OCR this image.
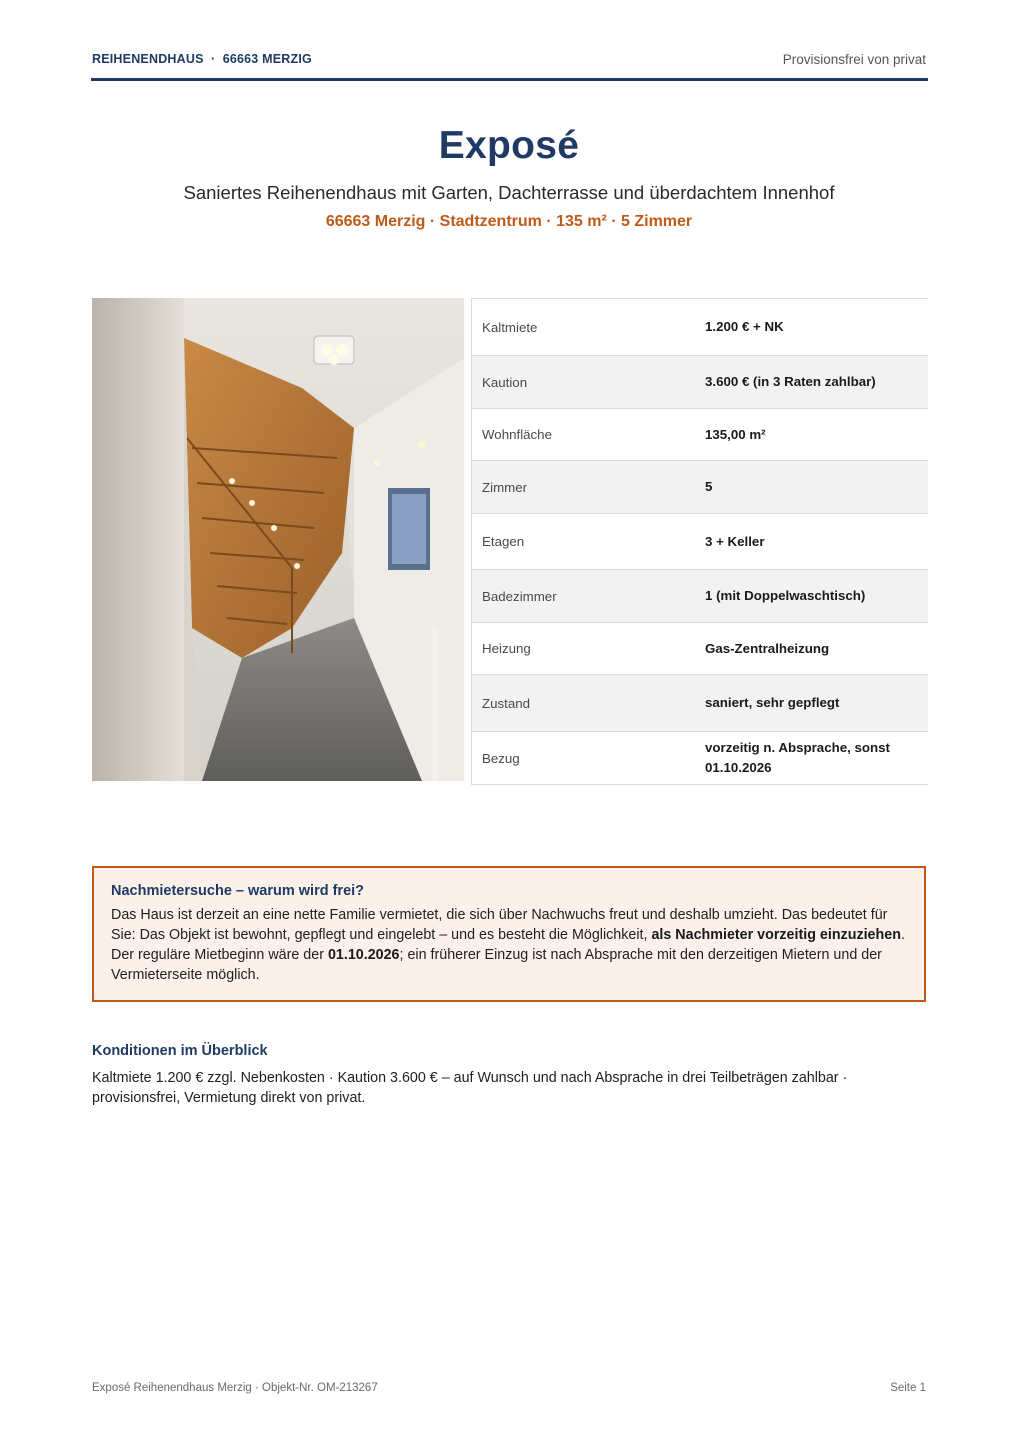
REIHENENDHAUS  ·  66663 MERZIG	Provisionsfrei von privat
Exposé
Saniertes Reihenendhaus mit Garten, Dachterrasse und überdachtem Innenhof
66663 Merzig · Stadtzentrum · 135 m² · 5 Zimmer
Kaltmiete	1.200 € + NK
Kaution	3.600 € (in 3 Raten zahlbar)
Wohnfläche	135,00 m²
Zimmer	5
Etagen	3 + Keller
Badezimmer	1 (mit Doppelwaschtisch)
Heizung	Gas-Zentralheizung
Zustand	saniert, sehr gepflegt
Bezug	vorzeitig n. Absprache, sonst 01.10.2026

Nachmietersuche – warum wird frei?

Das Haus ist derzeit an eine nette Familie vermietet, die sich über Nachwuchs freut und deshalb umzieht. Das bedeutet für Sie: Das Objekt ist bewohnt, gepflegt und eingelebt – und es besteht die Möglichkeit, als Nachmieter vorzeitig einzuziehen. Der reguläre Mietbeginn wäre der 01.10.2026; ein früherer Einzug ist nach Absprache mit den derzeitigen Mietern und der Vermieterseite möglich.

Konditionen im Überblick
Kaltmiete 1.200 € zzgl. Nebenkosten · Kaution 3.600 € – auf Wunsch und nach Absprache in drei Teilbeträgen zahlbar · provisionsfrei, Vermietung direkt von privat.
Exposé Reihenendhaus Merzig · Objekt-Nr. OM-213267	Seite 1
